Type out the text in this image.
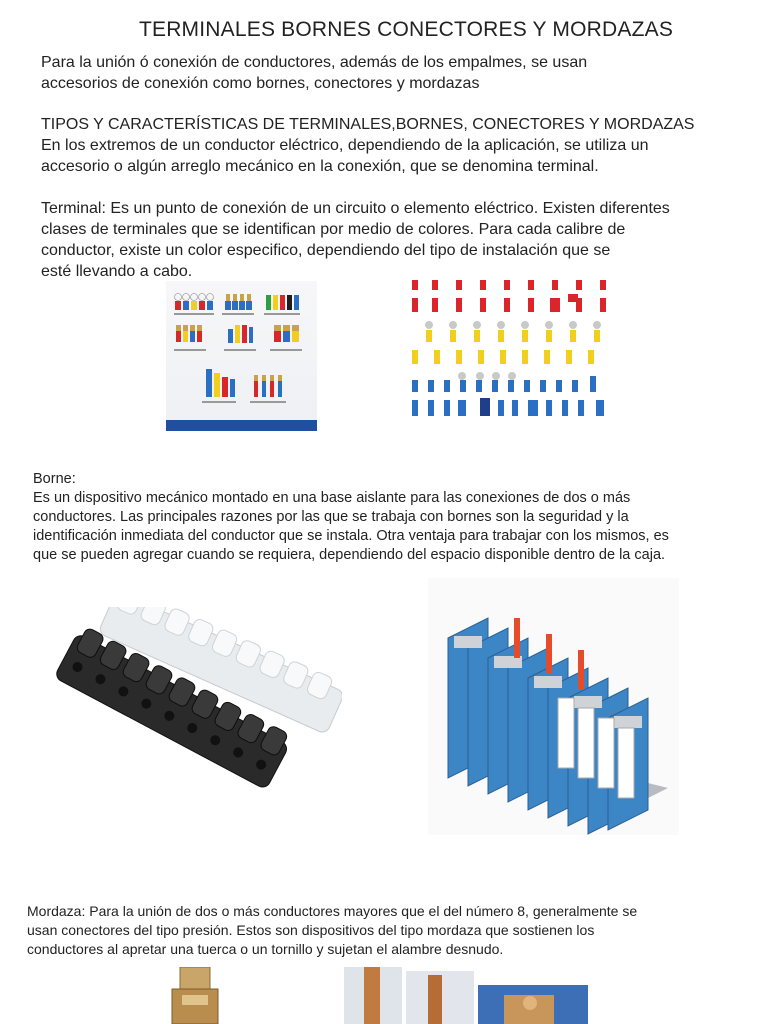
TERMINALES BORNES CONECTORES Y MORDAZAS
Para la unión ó conexión de conductores, además de los empalmes, se usan
accesorios de conexión como bornes, conectores y mordazas
TIPOS Y CARACTERÍSTICAS DE TERMINALES,BORNES, CONECTORES Y MORDAZAS
En los extremos de un conductor eléctrico, dependiendo de la aplicación, se utiliza un
accesorio o algún arreglo mecánico en la conexión, que se denomina terminal.
Terminal: Es un punto de conexión de un circuito o elemento eléctrico. Existen diferentes
clases de terminales que se identifican por medio de colores. Para cada calibre de
conductor, existe un color especifico, dependiendo del tipo de instalación que se
esté llevando a cabo.
Borne:
Es un dispositivo mecánico montado en una base aislante para las conexiones de dos o más
conductores. Las principales razones por las que se trabaja con bornes son la seguridad y la
identificación inmediata del conductor que se instala. Otra ventaja para trabajar con los mismos, es
que se pueden agregar cuando se requiera, dependiendo del espacio disponible dentro de la caja.
Mordaza: Para la unión de dos o más conductores mayores que el del número 8, generalmente se
usan conectores del tipo presión. Estos son dispositivos del tipo mordaza que sostienen los
conductores al apretar una tuerca o un tornillo y sujetan el alambre desnudo.
